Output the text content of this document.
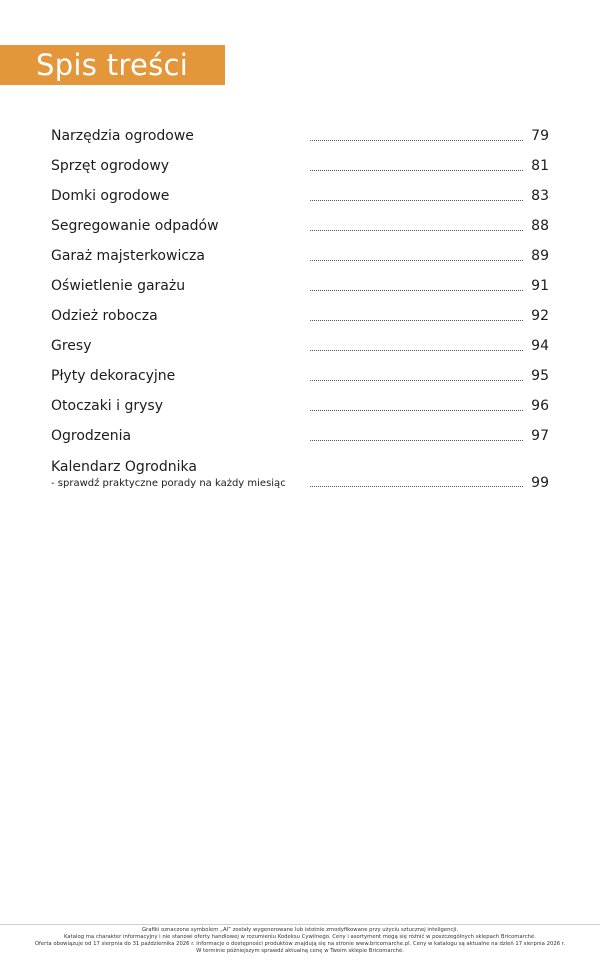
Spis treści
Narzędzia ogrodowe	79
Sprzęt ogrodowy	81
Domki ogrodowe	83
Segregowanie odpadów	88
Garaż majsterkowicza	89
Oświetlenie garażu	91
Odzież robocza	92
Gresy	94
Płyty dekoracyjne	95
Otoczaki i grysy	96
Ogrodzenia	97
Kalendarz Ogrodnika
- sprawdź praktyczne porady na każdy miesiąc	99
Grafiki oznaczone symbolem „AI” zostały wygenerowane lub istotnie zmodyfikowane przy użyciu sztucznej inteligencji.
Katalog ma charakter informacyjny i nie stanowi oferty handlowej w rozumieniu Kodeksu Cywilnego. Ceny i asortyment mogą się różnić w poszczególnych sklepach Bricomarché.
Oferta obowiązuje od 17 sierpnia do 31 października 2026 r. Informacje o dostępności produktów znajdują się na stronie www.bricomarche.pl. Ceny w katalogu są aktualne na dzień 17 sierpnia 2026 r.
W terminie późniejszym sprawdź aktualną cenę w Twoim sklepie Bricomarché.
